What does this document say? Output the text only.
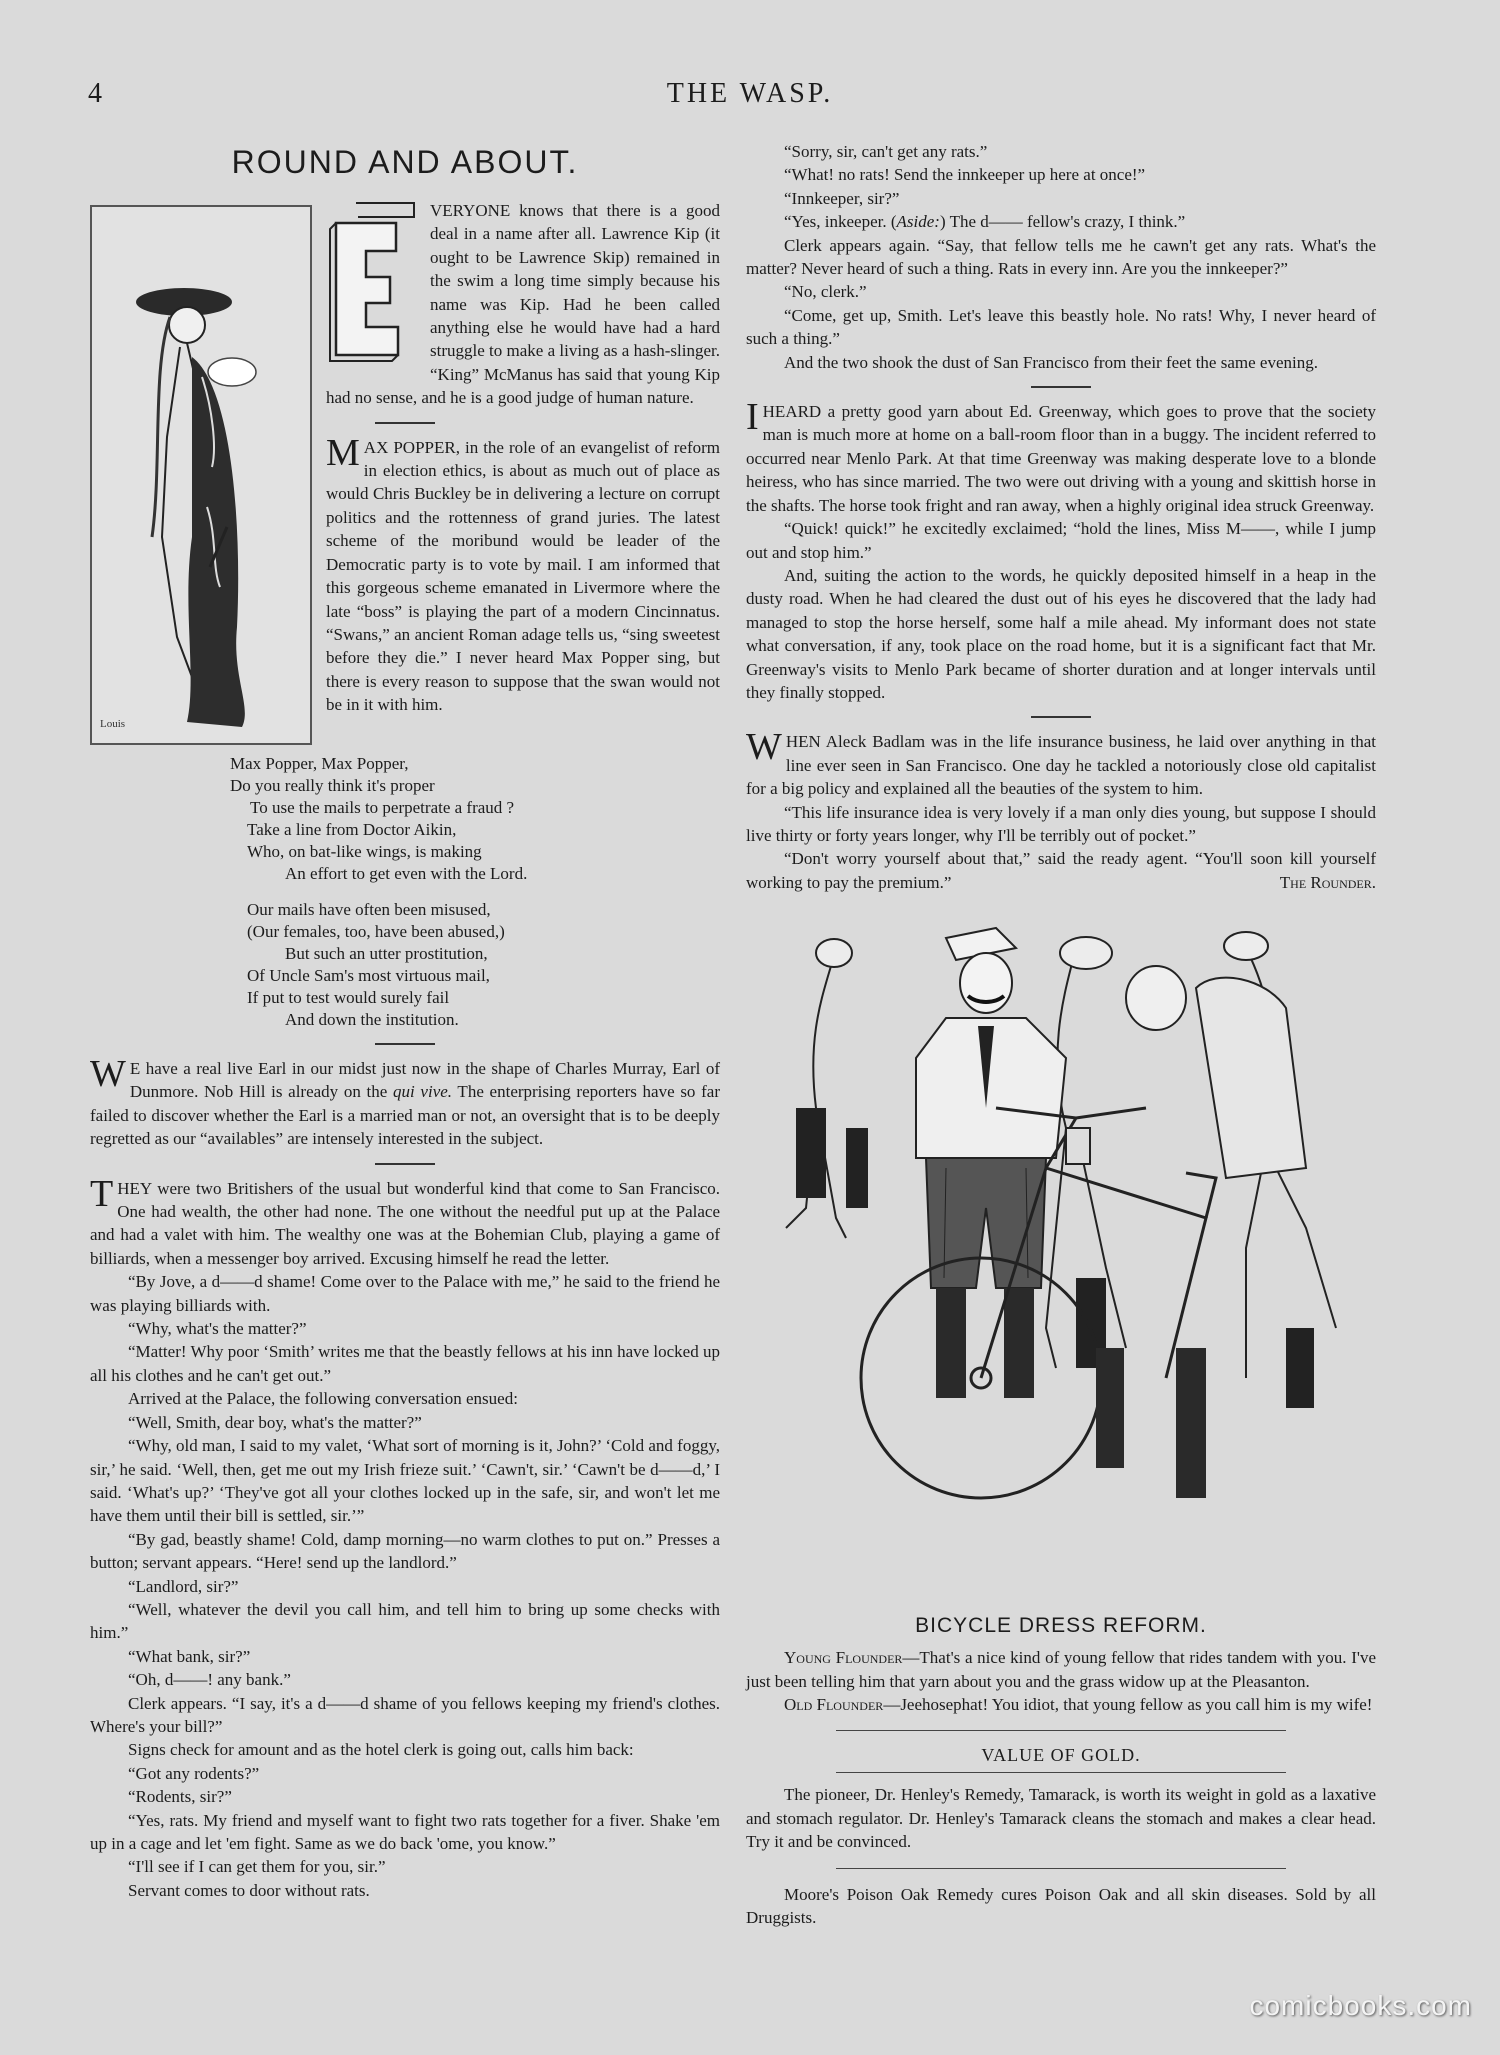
4	THE WASP.
ROUND AND ABOUT.
Louis

VERYONE knows that there is a good deal in a name after all. Lawrence Kip (it ought to be Lawrence Skip) remained in the swim a long time simply because his name was Kip. Had he been called anything else he would have had a hard struggle to make a living as a hash-slinger. “King” McManus has said that young Kip had no sense, and he is a good judge of human nature.

MAX POPPER, in the role of an evangelist of reform in election ethics, is about as much out of place as would Chris Buckley be in delivering a lecture on corrupt politics and the rottenness of grand juries. The latest scheme of the moribund would be leader of the Democratic party is to vote by mail. I am informed that this gorgeous scheme emanated in Livermore where the late “boss” is playing the part of a modern Cincinnatus. “Swans,” an ancient Roman adage tells us, “sing sweetest before they die.” I never heard Max Popper sing, but there is every reason to suppose that the swan would not be in it with him.

Max Popper, Max Popper,
Do you really think it's proper
To use the mails to perpetrate a fraud ?
Take a line from Doctor Aikin,
Who, on bat-like wings, is making
An effort to get even with the Lord.
Our mails have often been misused,
(Our females, too, have been abused,)
But such an utter prostitution,
Of Uncle Sam's most virtuous mail,
If put to test would surely fail
And down the institution.

W E have a real live Earl in our midst just now in the shape of Charles Murray, Earl of Dunmore. Nob Hill is already on the qui vive. The enterprising reporters have so far failed to discover whether the Earl is a married man or not, an oversight that is to be deeply regretted as our “availables” are intensely interested in the subject.

THEY were two Britishers of the usual but wonderful kind that come to San Francisco. One had wealth, the other had none. The one without the needful put up at the Palace and had a valet with him. The wealthy one was at the Bohemian Club, playing a game of billiards, when a messenger boy arrived. Excusing himself he read the letter.

“By Jove, a d——d shame! Come over to the Palace with me,” he said to the friend he was playing billiards with.

“Why, what's the matter?”

“Matter! Why poor ‘Smith’ writes me that the beastly fellows at his inn have locked up all his clothes and he can't get out.”

Arrived at the Palace, the following conversation ensued:

“Well, Smith, dear boy, what's the matter?”

“Why, old man, I said to my valet, ‘What sort of morning is it, John?’ ‘Cold and foggy, sir,’ he said. ‘Well, then, get me out my Irish frieze suit.’ ‘Cawn't, sir.’ ‘Cawn't be d——d,’ I said. ‘What's up?’ ‘They've got all your clothes locked up in the safe, sir, and won't let me have them until their bill is settled, sir.’”

“By gad, beastly shame! Cold, damp morning—no warm clothes to put on.” Presses a button; servant appears. “Here! send up the landlord.”

“Landlord, sir?”

“Well, whatever the devil you call him, and tell him to bring up some checks with him.”

“What bank, sir?”

“Oh, d——! any bank.”

Clerk appears. “I say, it's a d——d shame of you fellows keeping my friend's clothes. Where's your bill?”

Signs check for amount and as the hotel clerk is going out, calls him back:

“Got any rodents?”

“Rodents, sir?”

“Yes, rats. My friend and myself want to fight two rats together for a fiver. Shake 'em up in a cage and let 'em fight. Same as we do back 'ome, you know.”

“I'll see if I can get them for you, sir.”

Servant comes to door without rats.

“Sorry, sir, can't get any rats.”

“What! no rats! Send the innkeeper up here at once!”

“Innkeeper, sir?”

“Yes, inkeeper. (Aside:) The d—— fellow's crazy, I think.”

Clerk appears again. “Say, that fellow tells me he cawn't get any rats. What's the matter? Never heard of such a thing. Rats in every inn. Are you the innkeeper?”

“No, clerk.”

“Come, get up, Smith. Let's leave this beastly hole. No rats! Why, I never heard of such a thing.”

And the two shook the dust of San Francisco from their feet the same evening.

IHEARD a pretty good yarn about Ed. Greenway, which goes to prove that the society man is much more at home on a ball-room floor than in a buggy. The incident referred to occurred near Menlo Park. At that time Greenway was making desperate love to a blonde heiress, who has since married. The two were out driving with a young and skittish horse in the shafts. The horse took fright and ran away, when a highly original idea struck Greenway.

“Quick! quick!” he excitedly exclaimed; “hold the lines, Miss M——, while I jump out and stop him.”

And, suiting the action to the words, he quickly deposited himself in a heap in the dusty road. When he had cleared the dust out of his eyes he discovered that the lady had managed to stop the horse herself, some half a mile ahead. My informant does not state what conversation, if any, took place on the road home, but it is a significant fact that Mr. Greenway's visits to Menlo Park became of shorter duration and at longer intervals until they finally stopped.

WHEN Aleck Badlam was in the life insurance business, he laid over anything in that line ever seen in San Francisco. One day he tackled a notoriously close old capitalist for a big policy and explained all the beauties of the system to him.

“This life insurance idea is very lovely if a man only dies young, but suppose I should live thirty or forty years longer, why I'll be terribly out of pocket.”

“Don't worry yourself about that,” said the ready agent. “You'll soon kill yourself working to pay the premium.”	The Rounder.

BICYCLE DRESS REFORM.

Young Flounder—That's a nice kind of young fellow that rides tandem with you. I've just been telling him that yarn about you and the grass widow up at the Pleasanton.

Old Flounder—Jeehosephat! You idiot, that young fellow as you call him is my wife!

VALUE OF GOLD.

The pioneer, Dr. Henley's Remedy, Tamarack, is worth its weight in gold as a laxative and stomach regulator. Dr. Henley's Tamarack cleans the stomach and makes a clear head. Try it and be convinced.

Moore's Poison Oak Remedy cures Poison Oak and all skin diseases. Sold by all Druggists.

comicbooks.com
